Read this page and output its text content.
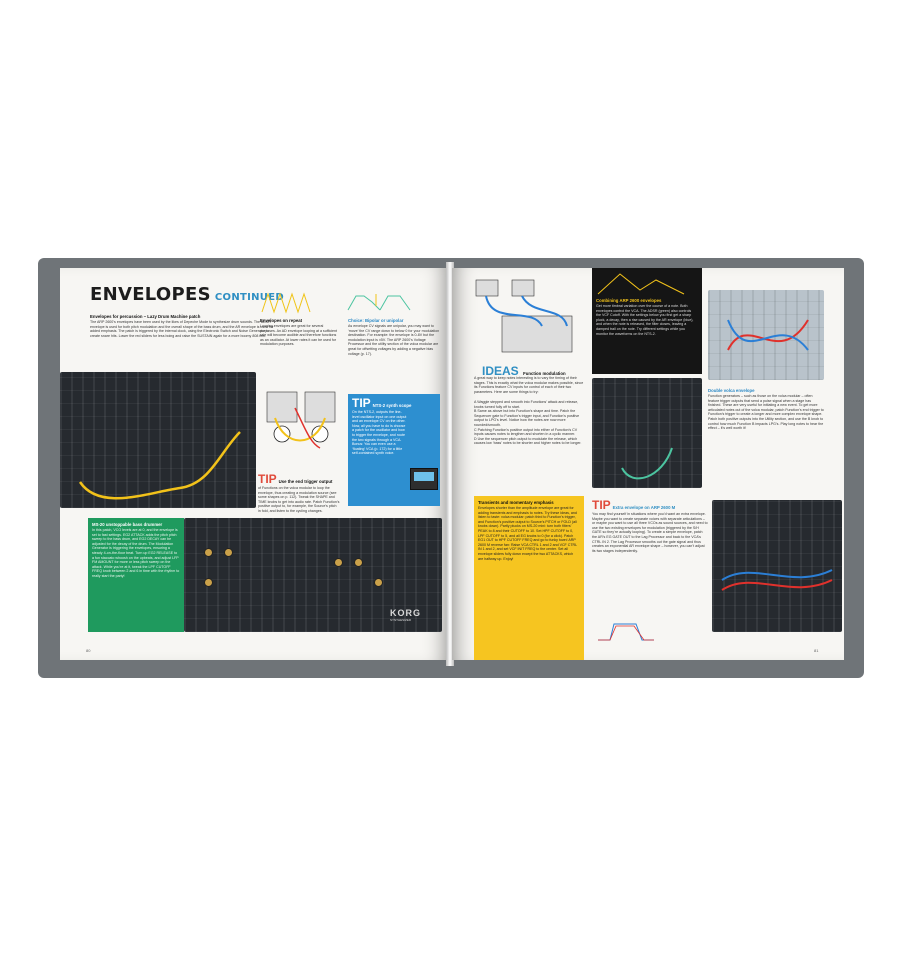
ENVELOPES CONTINUED
Envelopes for percussion – Lazy Drum Machine patch
The ARP 2600’s envelopes have been used by the likes of Depeche Mode to synthesize drum sounds. The ADSR envelope is used for both pitch modulation and the overall shape of the bass drum, and the AR envelope is used for added emphasis. The patch is triggered by the internal clock, using the Electronic Switch and Noise Generator to create snare hits. Lower the red sliders for less boing and raise the SUSTAIN again for a more boomy 808 feel.
Envelopes on repeat
Looping envelopes are great for several purposes. An AD envelope looping at a sufficient rate will become audible and therefore functions as an oscillator. At lower rates it can be used for modulation purposes.
Choice: Bipolar or unipolar
As envelope CV signals are unipolar, you may want to ‘move’ the CV range down to below 0 for your modulation destination. For example: the envelope is 0-8V but the modulation input is ±5V. The ARP 2600’s Voltage Processor and the utility section of the volca modular are great for offsetting voltages by adding a negative bias voltage (p. 17).
TIP Use the end trigger output
of Functions on the volca modular to loop the envelope, thus creating a modulation source (see some shapes on p. 112). Tweak the SHAPE and TIME knobs to get into audio rate. Patch Function’s positive output to, for example, the Source’s pitch in fold, and listen to the cycling changes.
TIP NTS-2 synth scope
On the NTS-2, outputs the line-level oscillator input on one output and an envelope CV on the other. Now, all you have to do is choose a patch for the oscillator and how to trigger the envelope, and route the two signals through a VCA. Bonus: You can even use a ‘floating’ VCA (p. 172) for a little self-contained synth voice.
MS-20 unstoppable bass drummer
In this patch, VCO levels are at 0, and the envelope is set to fast settings. EG2 ATTACK adds the pitch pitch sweep to the bass drum, and EG2 DECAY can be adjusted for the decay of the drum. The Modulation Generator is triggering the envelopes, ensuring a steady 4-on-the-floor beat. Turn up EG2 RELEASE to a fun staccato whoosh on the upbeats, and adjust LFP FM AMOUNT for more or less pitch sweep on the attack. While you’re at it, tweak the LPF CUTOFF FREQ knob between 2 and 6 in time with the rhythm to really start the party!
KORG
SYNTHESIZER
80
IDEAS Function modulation
A great way to keep notes interesting is to vary the timing of their stages. This is exactly what the volca modular makes possible, since its Functions feature CV inputs for control of each of their two parameters. Here are some things to try:
A Waggle stepped and smooth into Functions’ attack and release, knobs turned fully off to start.
B Same as above but into Function’s shape and time. Patch the Sequencer gate to Function’s trigger input, and Function’s positive output to LPG’s level. Notice how the notes are now more rounded/smooth.
C Patching Function’s positive output into either of Function’s CV inputs causes notes to lengthen and shorten in a cyclic manner.
D Use the sequencer pitch output to modulate the release, which causes low ‘bass’ notes to be shorter and higher notes to be longer.
Combining ARP 2600 envelopes
Get more timbral variation over the course of a note. Both envelopes control the VCA. The ADSR (green) also controls the VCF Cutoff. With the settings below you first get a sharp pluck, a decay, then a rise caused by the AR envelope (blue), and when the note is released, the filter closes, leaving a damped trail on the note. Try different settings while you monitor the waveforms on the NTS-2.
Double volca envelope
Function generators – such as those on the volca modular – often feature trigger outputs that send a pulse signal when a stage has finished. These are very useful for initiating a new event. To get more articulated notes out of the volca modular, patch Function’s end trigger to Function’s trigger to create a longer and more complex envelope shape. Patch both positive outputs into the Utility section, and use the B knob to control how much Function B impacts LPG’s. Play long notes to hear the effect – it’s well worth it!
Transients and momentary emphasis
Envelopes shorter than the amplitude envelope are great for adding transients and emphasis to notes. Try these ideas, and listen to taste: volca modular: patch third to Function’s trigger, and Function’s positive output to Source’s PITCH or FOLD (all knobs down). Partly plucks on MS-20 mini: turn both filters’ PEAK to 8 and their CUTOFF to 10. Set HPF CUTOFF to 0, LPF CUTOFF to 5, and all EG knobs to 0 (for a click). Patch EG1 OUT to HPF CUTOFF FREQ and go to funky town! ARP 2600 M reverse fan: Raise VCA CTRL 1 and 2 and VCF CTRL IN 1 and 2, and set VCF INIT FREQ to the center. Set all envelope sliders fully down except the two ATTACKS, which are halfway up. Enjoy!
TIP Extra envelope on ARP 2600 M
You may find yourself in situations where you’d want an extra envelope. Maybe you want to create separate voices with separate articulations – or maybe you want to use all three VCOs as sound sources, and need to use the two existing envelopes for modulation (triggered by the S/H GATE so they’re actually looping). To create a simple envelope, patch the AR’s EG GATE OUT to the Lag Processor and back to the VCA’s CTRL IN 2. The Lag Processor smooths out the gate signal and thus creates an exponential AR envelope shape – however, you can’t adjust its two stages independently.
81
